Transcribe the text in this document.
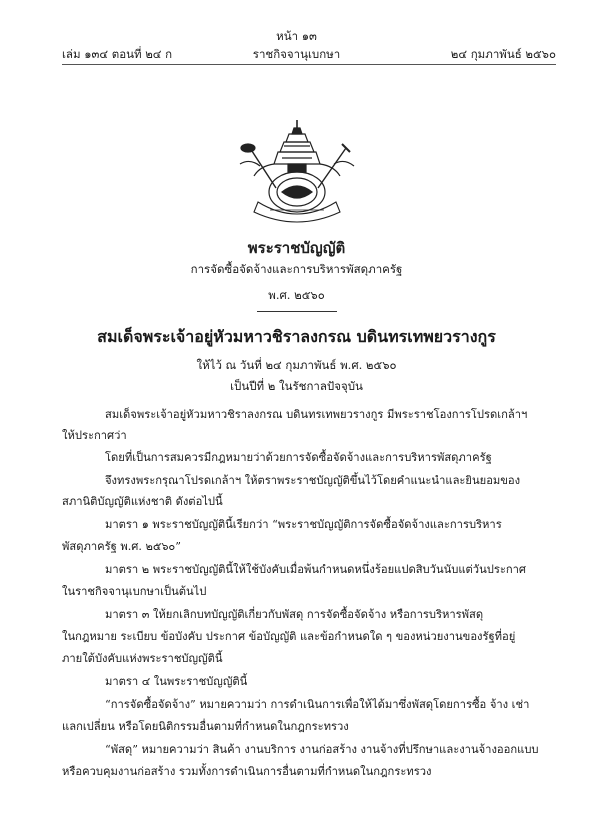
หน้า ๑๓
เล่ม ๑๓๔ ตอนที่ ๒๔ ก	ราชกิจจานุเบกษา	๒๔ กุมภาพันธ์ ๒๕๖๐
พระราชบัญญัติ
การจัดซื้อจัดจ้างและการบริหารพัสดุภาครัฐ
พ.ศ. ๒๕๖๐
สมเด็จพระเจ้าอยู่หัวมหาวชิราลงกรณ บดินทรเทพยวรางกูร
ให้ไว้ ณ วันที่ ๒๔ กุมภาพันธ์ พ.ศ. ๒๕๖๐
เป็นปีที่ ๒ ในรัชกาลปัจจุบัน
สมเด็จพระเจ้าอยู่หัวมหาวชิราลงกรณ บดินทรเทพยวรางกูร มีพระราชโองการโปรดเกล้าฯ
ให้ประกาศว่า
โดยที่เป็นการสมควรมีกฎหมายว่าด้วยการจัดซื้อจัดจ้างและการบริหารพัสดุภาครัฐ
จึงทรงพระกรุณาโปรดเกล้าฯ ให้ตราพระราชบัญญัติขึ้นไว้โดยคำแนะนำและยินยอมของ
สภานิติบัญญัติแห่งชาติ ดังต่อไปนี้
มาตรา ๑ พระราชบัญญัตินี้เรียกว่า “พระราชบัญญัติการจัดซื้อจัดจ้างและการบริหาร
พัสดุภาครัฐ พ.ศ. ๒๕๖๐”
มาตรา ๒ พระราชบัญญัตินี้ให้ใช้บังคับเมื่อพ้นกำหนดหนึ่งร้อยแปดสิบวันนับแต่วันประกาศ
ในราชกิจจานุเบกษาเป็นต้นไป
มาตรา ๓ ให้ยกเลิกบทบัญญัติเกี่ยวกับพัสดุ การจัดซื้อจัดจ้าง หรือการบริหารพัสดุ
ในกฎหมาย ระเบียบ ข้อบังคับ ประกาศ ข้อบัญญัติ และข้อกำหนดใด ๆ ของหน่วยงานของรัฐที่อยู่
ภายใต้บังคับแห่งพระราชบัญญัตินี้
มาตรา ๔ ในพระราชบัญญัตินี้
“การจัดซื้อจัดจ้าง” หมายความว่า การดำเนินการเพื่อให้ได้มาซึ่งพัสดุโดยการซื้อ จ้าง เช่า
แลกเปลี่ยน หรือโดยนิติกรรมอื่นตามที่กำหนดในกฎกระทรวง
“พัสดุ” หมายความว่า สินค้า งานบริการ งานก่อสร้าง งานจ้างที่ปรึกษาและงานจ้างออกแบบ
หรือควบคุมงานก่อสร้าง รวมทั้งการดำเนินการอื่นตามที่กำหนดในกฎกระทรวง
